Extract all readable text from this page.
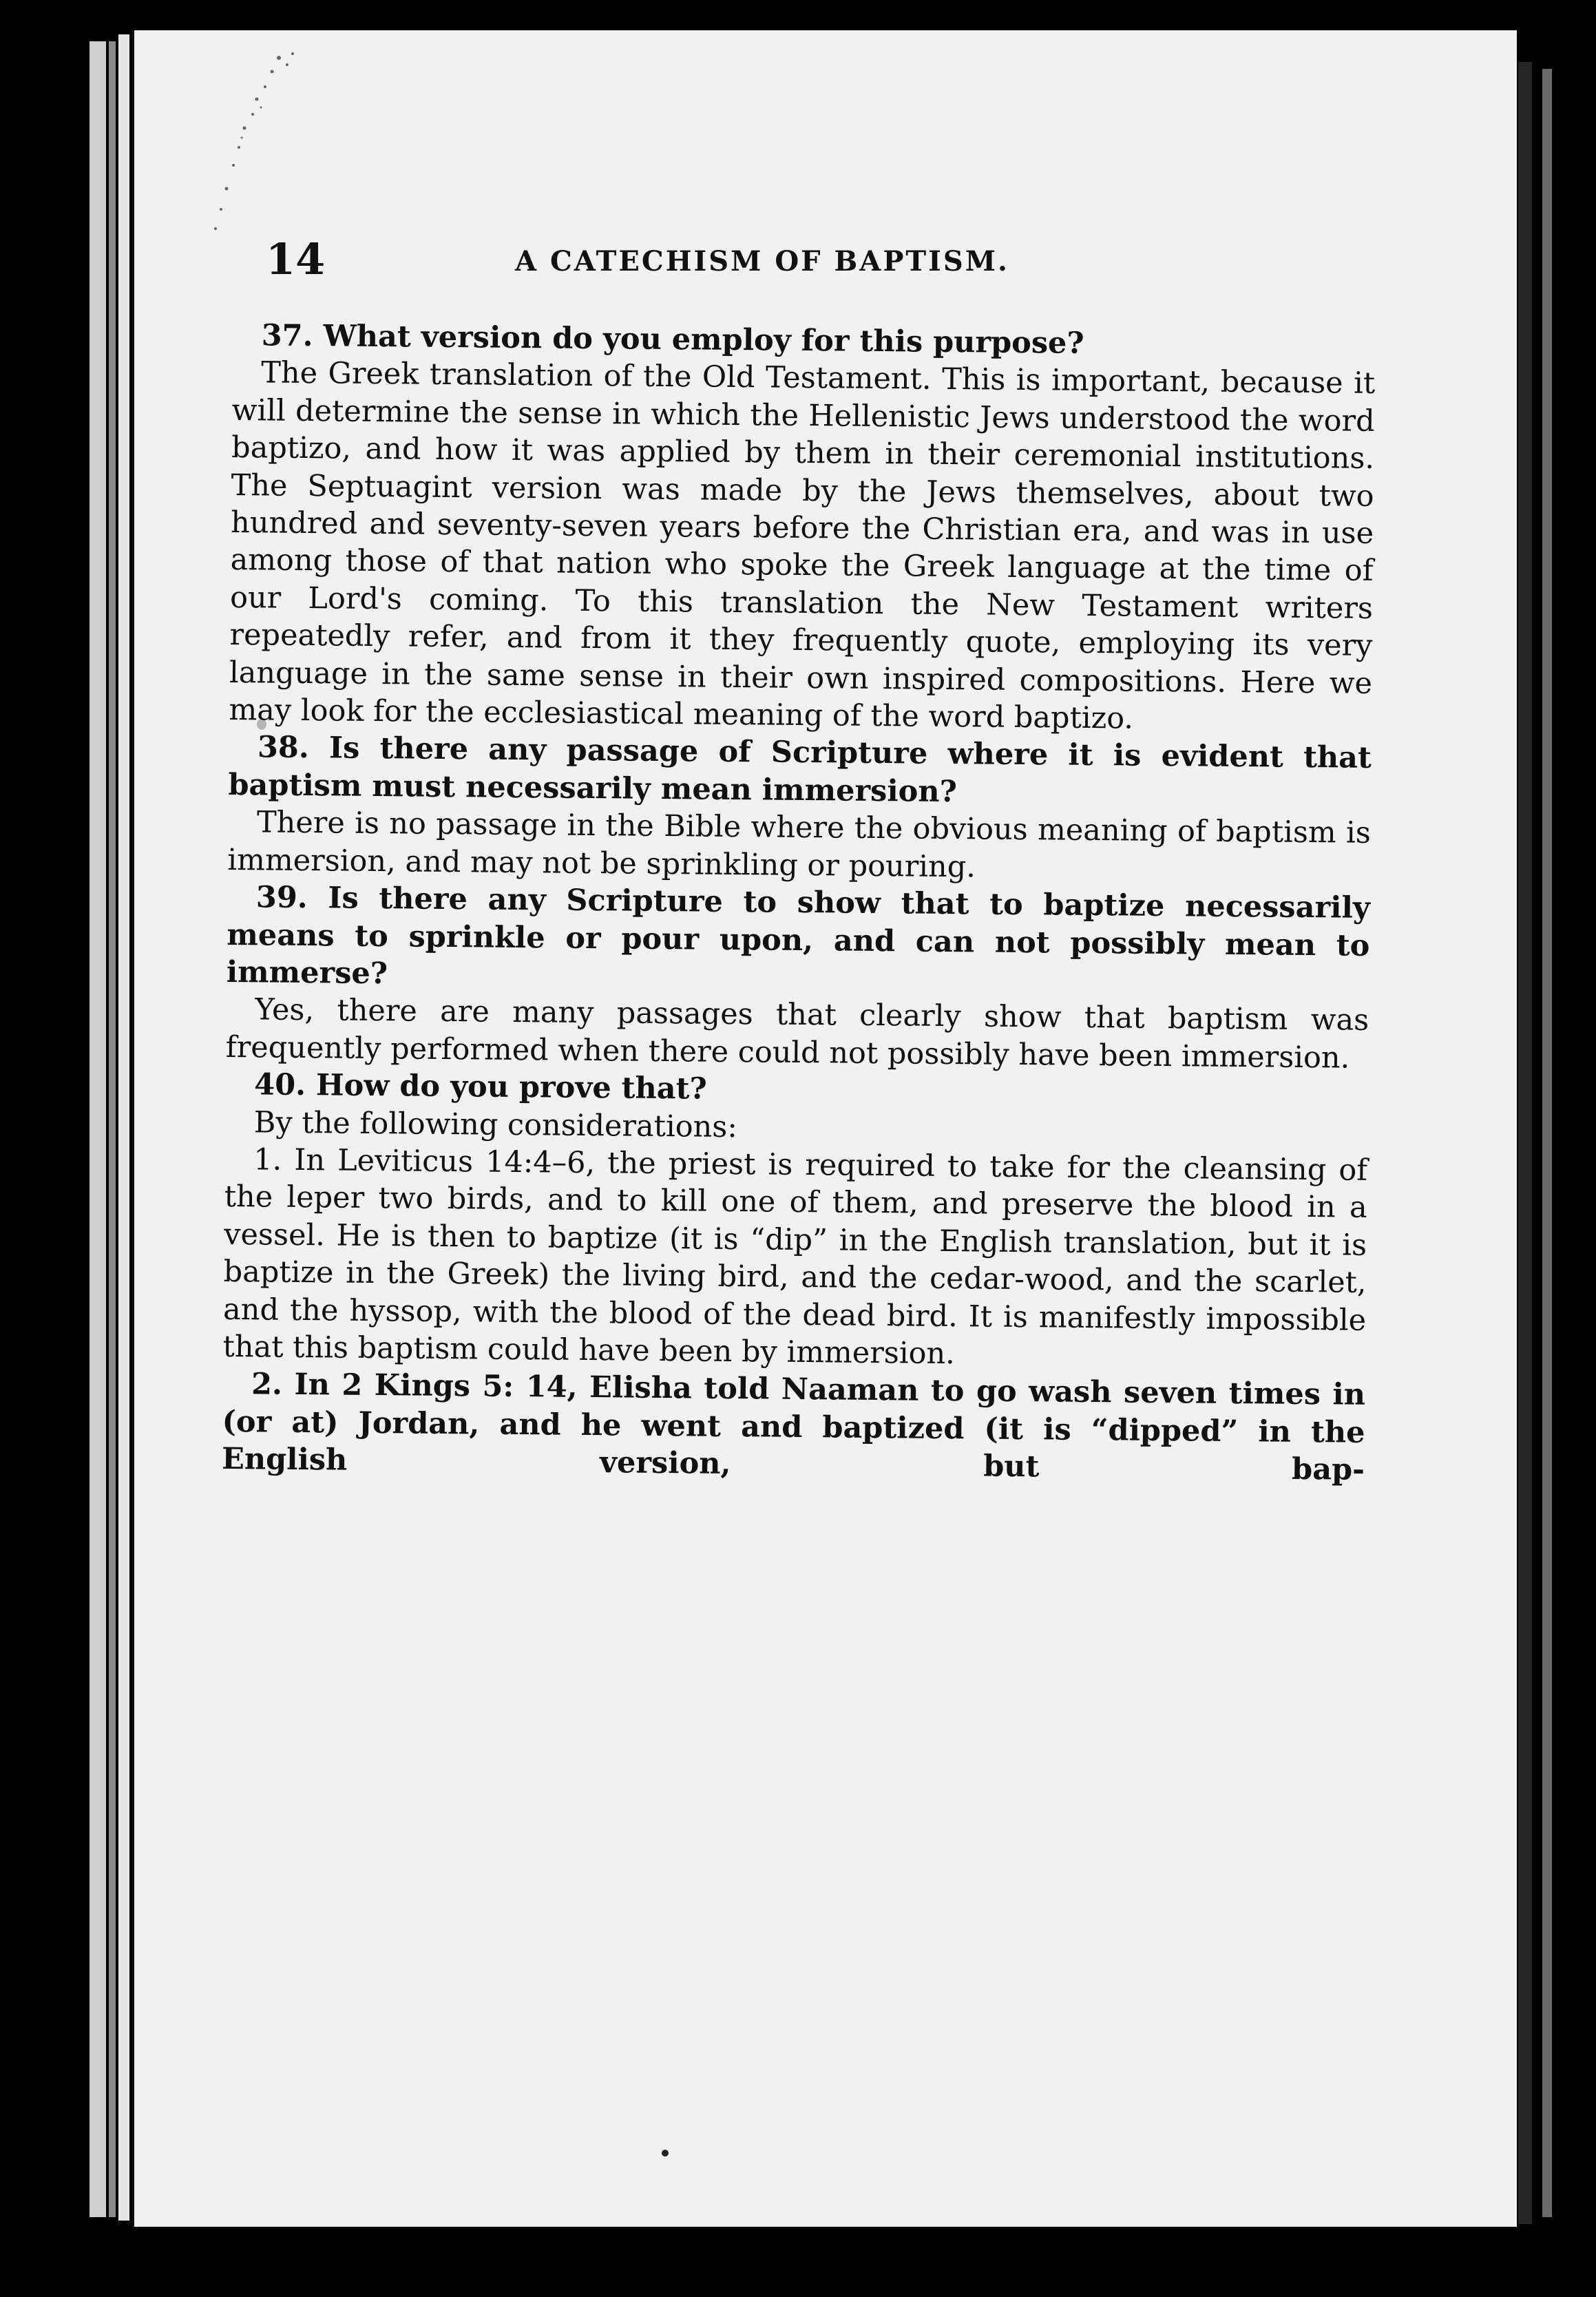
14	A CATECHISM OF BAPTISM.

37. What version do you employ for this purpose?

The Greek translation of the Old Testament. This is important, because it will determine the sense in which the Hellenistic Jews understood the word baptizo, and how it was applied by them in their ceremonial institutions. The Septuagint version was made by the Jews themselves, about two hundred and seventy-seven years before the Christian era, and was in use among those of that nation who spoke the Greek language at the time of our Lord's coming. To this translation the New Testament writers repeatedly refer, and from it they frequently quote, employing its very language in the same sense in their own inspired compositions. Here we may look for the ecclesiastical meaning of the word baptizo.

38. Is there any passage of Scripture where it is evident that baptism must necessarily mean immersion?

There is no passage in the Bible where the obvious meaning of baptism is immersion, and may not be sprinkling or pouring.

39. Is there any Scripture to show that to baptize necessarily means to sprinkle or pour upon, and can not possibly mean to immerse?

Yes, there are many passages that clearly show that baptism was frequently performed when there could not possibly have been immersion.

40. How do you prove that?

By the following considerations:

1. In Leviticus 14:4–6, the priest is required to take for the cleansing of the leper two birds, and to kill one of them, and preserve the blood in a vessel. He is then to baptize (it is “dip” in the English translation, but it is baptize in the Greek) the living bird, and the cedar-wood, and the scarlet, and the hyssop, with the blood of the dead bird. It is manifestly impossible that this baptism could have been by immersion.

2. In 2 Kings 5: 14, Elisha told Naaman to go wash seven times in (or at) Jordan, and he went and baptized (it is “dipped” in the English version, but bap-
